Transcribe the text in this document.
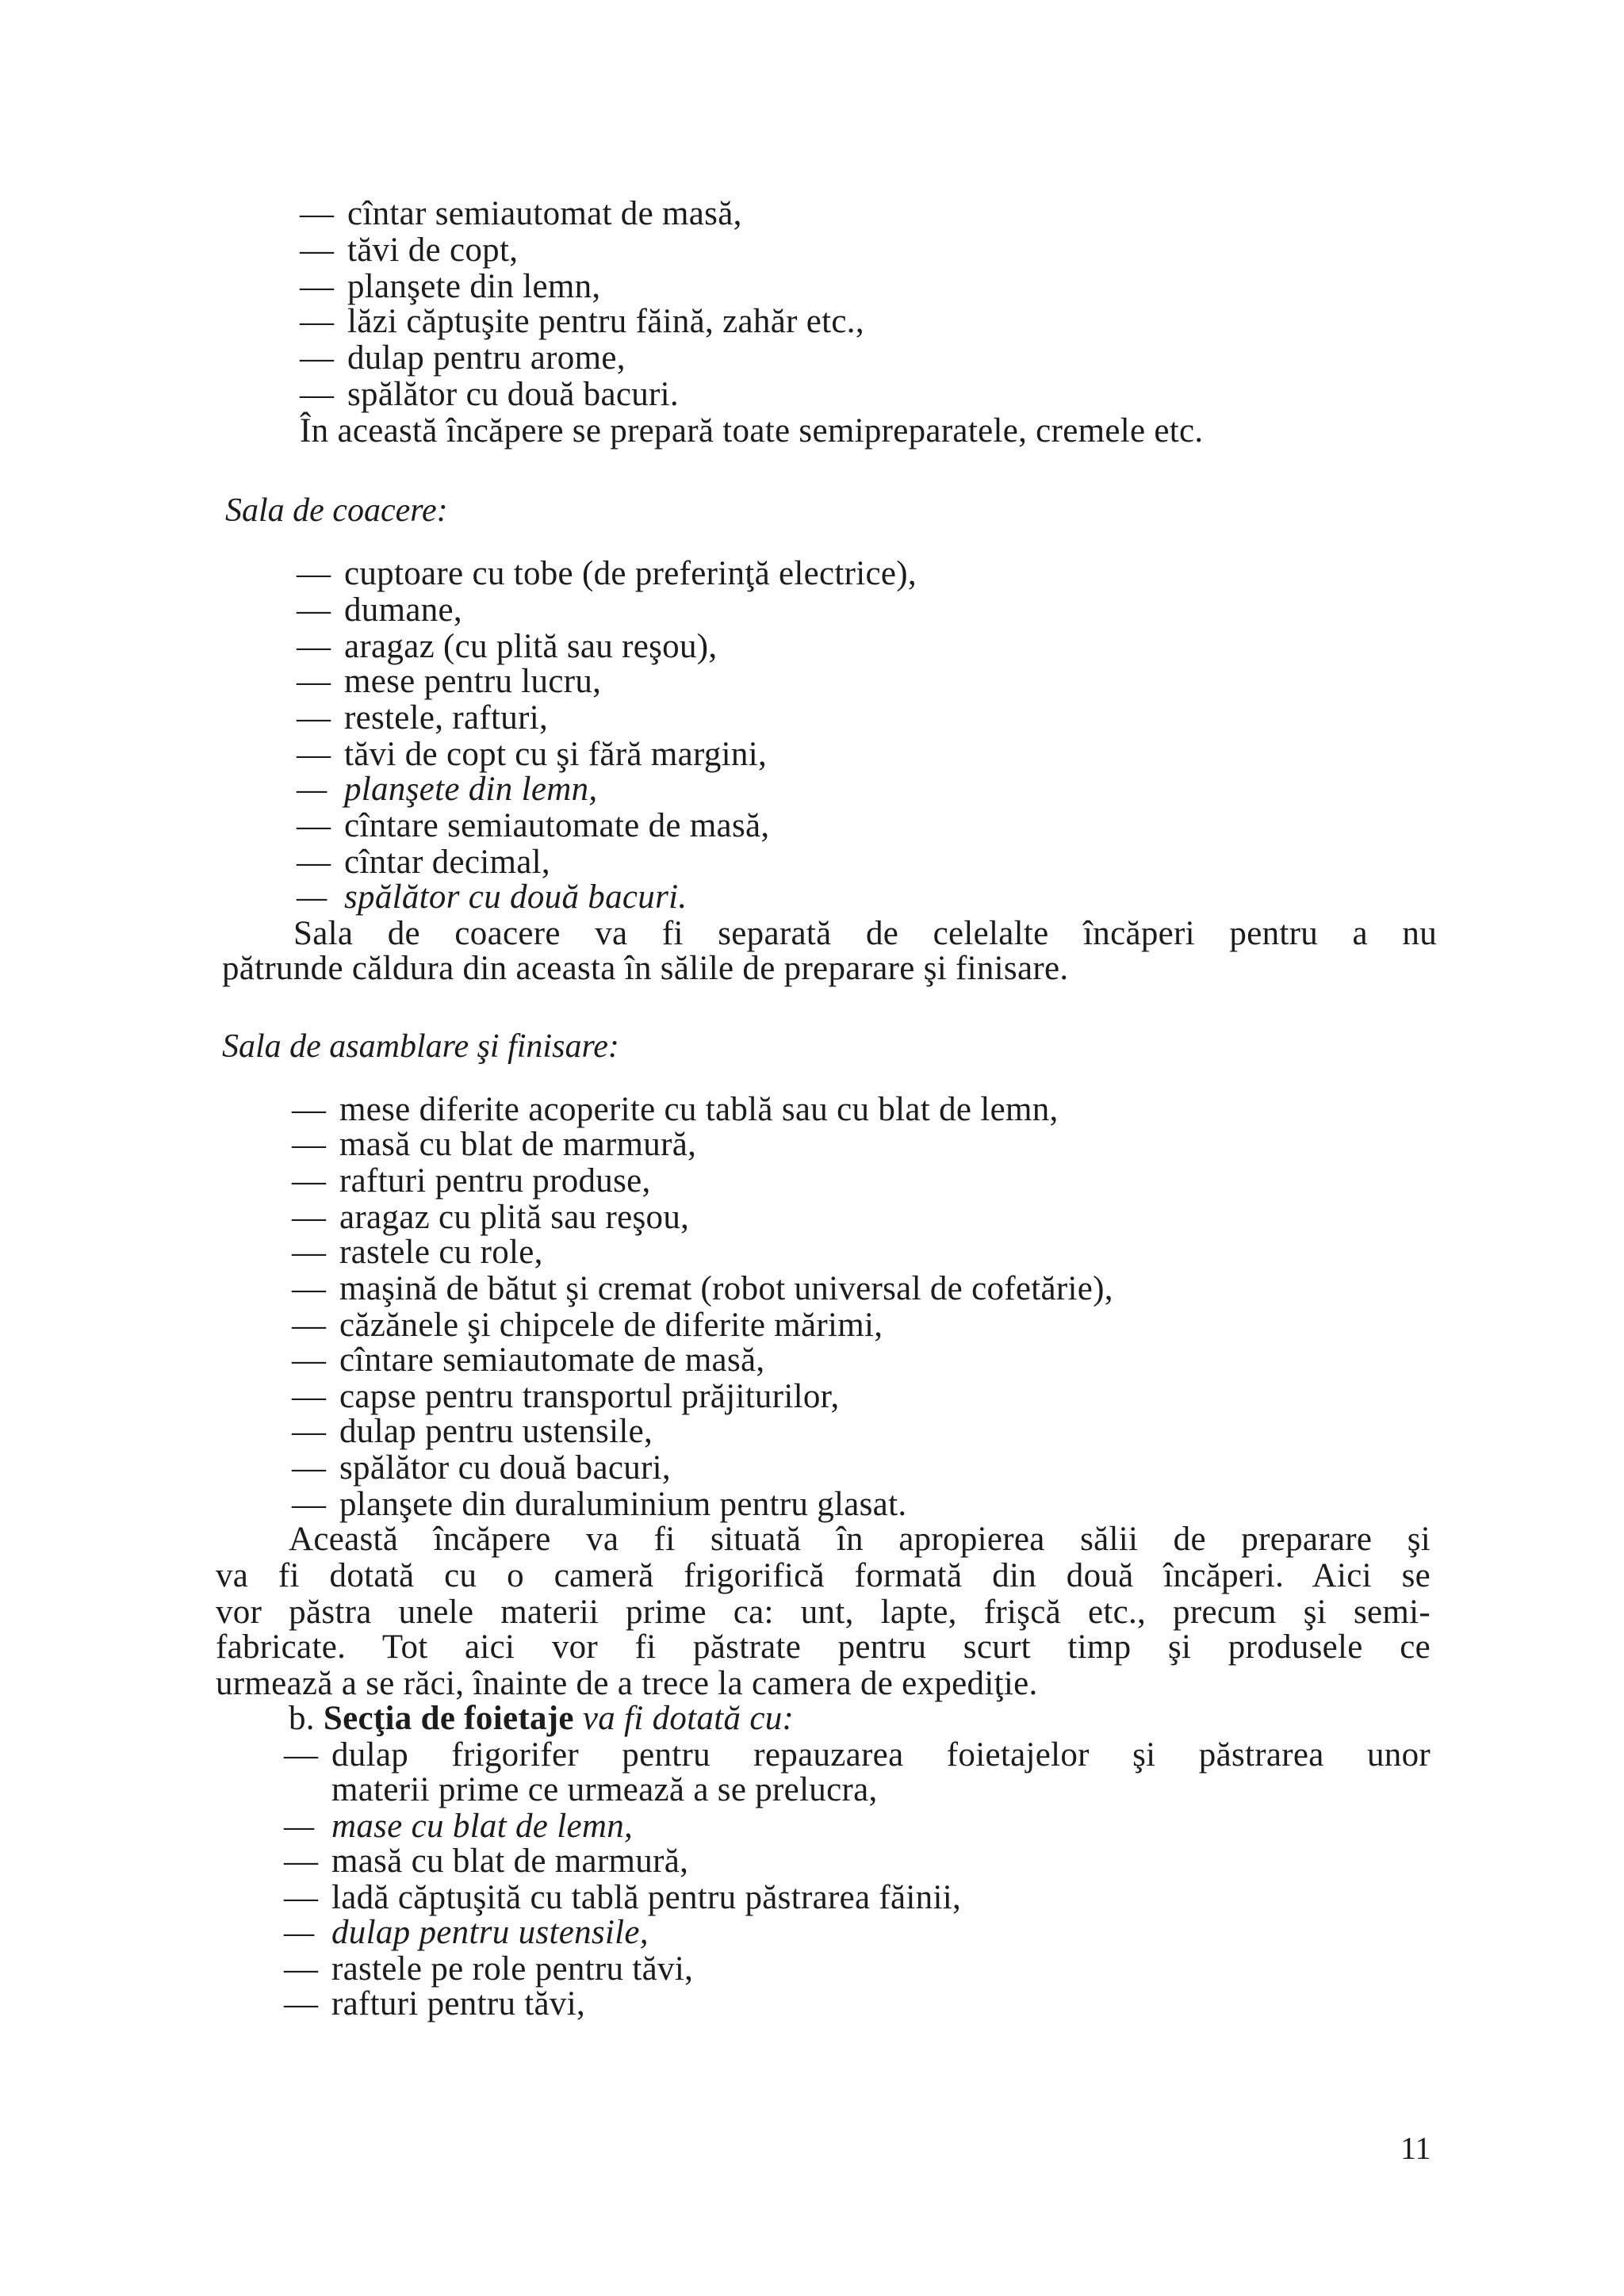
— cîntar semiautomat de masă,
— tăvi de copt,
— planşete din lemn,
— lăzi căptuşite pentru făină, zahăr etc.,
— dulap pentru arome,
— spălător cu două bacuri.
În această încăpere se prepară toate semipreparatele, cremele etc.
Sala de coacere:
— cuptoare cu tobe (de preferinţă electrice),
— dumane,
— aragaz (cu plită sau reşou),
— mese pentru lucru,
— restele, rafturi,
— tăvi de copt cu şi fără margini,
— planşete din lemn,
— cîntare semiautomate de masă,
— cîntar decimal,
— spălător cu două bacuri.
Sala de coacere va fi separată de celelalte încăperi pentru a nu
pătrunde căldura din aceasta în sălile de preparare şi finisare.
Sala de asamblare şi finisare:
— mese diferite acoperite cu tablă sau cu blat de lemn,
— masă cu blat de marmură,
— rafturi pentru produse,
— aragaz cu plită sau reşou,
— rastele cu role,
— maşină de bătut şi cremat (robot universal de cofetărie),
— căzănele şi chipcele de diferite mărimi,
— cîntare semiautomate de masă,
— capse pentru transportul prăjiturilor,
— dulap pentru ustensile,
— spălător cu două bacuri,
— planşete din duraluminium pentru glasat.
Această încăpere va fi situată în apropierea sălii de preparare şi
va fi dotată cu o cameră frigorifică formată din două încăperi. Aici se
vor păstra unele materii prime ca: unt, lapte, frişcă etc., precum şi semi-
fabricate. Tot aici vor fi păstrate pentru scurt timp şi produsele ce
urmează a se răci, înainte de a trece la camera de expediţie.
b. Secţia de foietaje va fi dotată cu:
— dulap frigorifer pentru repauzarea foietajelor şi păstrarea unor
materii prime ce urmează a se prelucra,
— mase cu blat de lemn,
— masă cu blat de marmură,
— ladă căptuşită cu tablă pentru păstrarea făinii,
— dulap pentru ustensile,
— rastele pe role pentru tăvi,
— rafturi pentru tăvi,
11
